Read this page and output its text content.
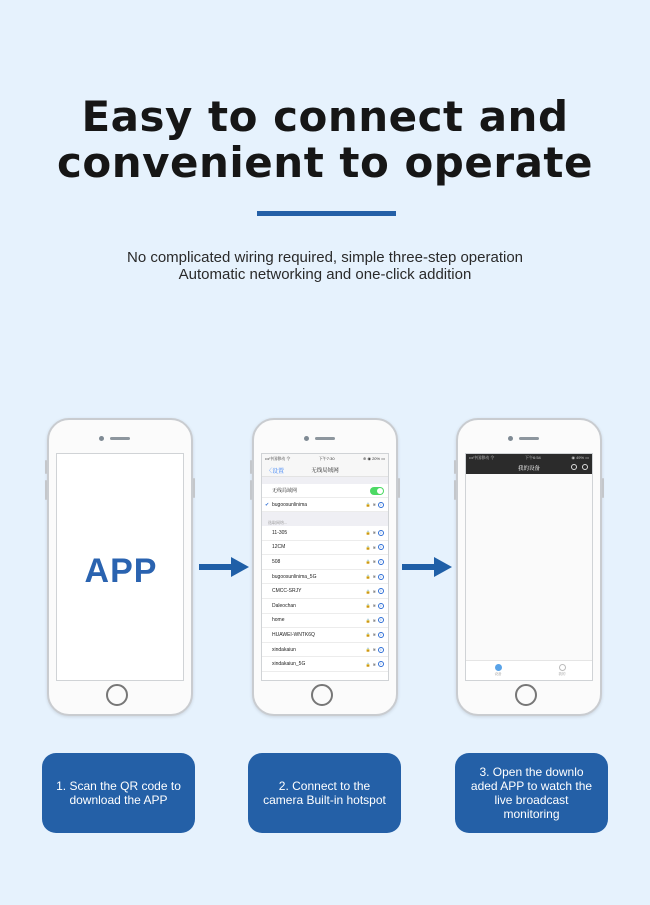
Easy to connect and
convenient to operate
No complicated wiring required, simple three-step operation
Automatic networking and one-click addition
APP
•••中国移动 令	下午7:30	⊕ ◉ 20% ▭
〈设置	无线局域网
无线局域网
✔ bugoosunlinima	🔒 ≋	i
选取网络...
11-305	🔒 ≋	i
12CM	🔒 ≋	i
508	🔒 ≋	i
bugoosunlinima_5G	🔒 ≋	i
CMCC-SRJY	🔒 ≋	i
Daleochan	🔒 ≋	i
home	🔒 ≋	i
HUAWEI-WNTK6Q	🔒 ≋	i
xindakaiun	🔒 ≋	i
xindakaiun_5G	🔒 ≋	i
•••中国移动 令	下午6:54	◉ 49% ▭
我的设备
设备	我的
1. Scan the QR code to download the APP
2. Connect to the camera Built-in hotspot
3. Open the downlo aded APP to watch the live broadcast monitoring
